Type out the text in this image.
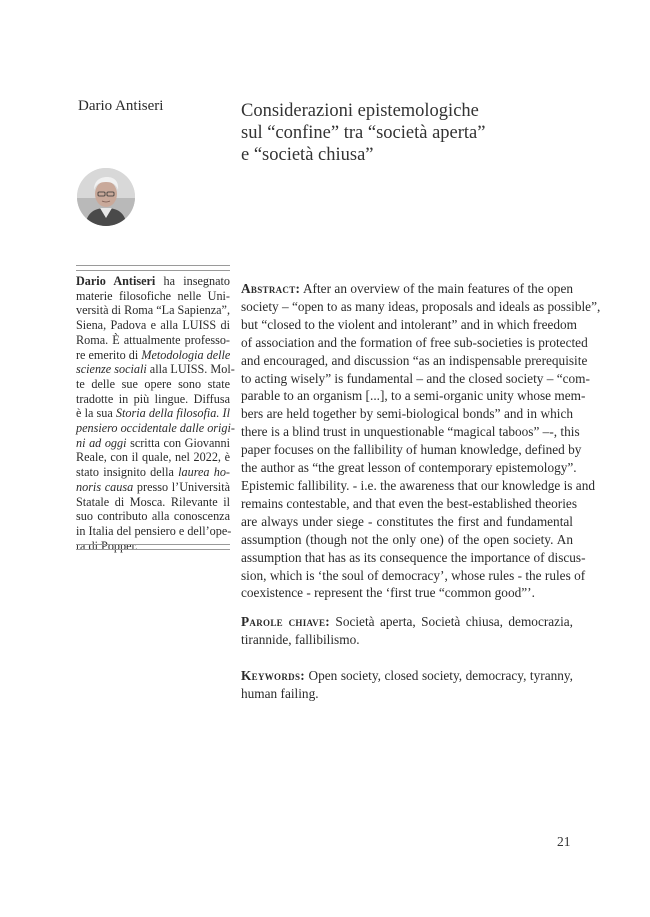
Dario Antiseri	Considerazioni epistemologiche
sul “confine” tra “società aperta”
e “società chiusa”
Dario Antiseri ha insegnato
materie filosofiche nelle Uni-
versità di Roma “La Sapienza”,
Siena, Padova e alla LUISS di
Roma. È attualmente professo-
re emerito di Metodologia delle
scienze sociali alla LUISS. Mol-
te delle sue opere sono state
tradotte in più lingue. Diffusa
è la sua Storia della filosofia. Il
pensiero occidentale dalle origi-
ni ad oggi scritta con Giovanni
Reale, con il quale, nel 2022, è
stato insignito della laurea ho-
noris causa presso l’Università
Statale di Mosca. Rilevante il
suo contributo alla conoscenza
in Italia del pensiero e dell’ope-
ra di Popper.
Abstract: After an overview of the main features of the open
society – “open to as many ideas, proposals and ideals as possible”,
but “closed to the violent and intolerant” and in which freedom
of association and the formation of free sub-societies is protected
and encouraged, and discussion “as an indispensable prerequisite
to acting wisely” is fundamental – and the closed society – “com-
parable to an organism [...], to a semi-organic unity whose mem-
bers are held together by semi-biological bonds” and in which
there is a blind trust in unquestionable “magical taboos” –-, this
paper focuses on the fallibility of human knowledge, defined by
the author as “the great lesson of contemporary epistemology”.
Epistemic fallibility. - i.e. the awareness that our knowledge is and
remains contestable, and that even the best-established theories
are always under siege - constitutes the first and fundamental
assumption (though not the only one) of the open society. An
assumption that has as its consequence the importance of discus-
sion, which is ‘the soul of democracy’, whose rules - the rules of
coexistence - represent the ‘first true “common good”’.
Parole chiave: Società aperta, Società chiusa, democrazia,
tirannide, fallibilismo.
Keywords: Open society, closed society, democracy, tyranny,
human failing.
21
